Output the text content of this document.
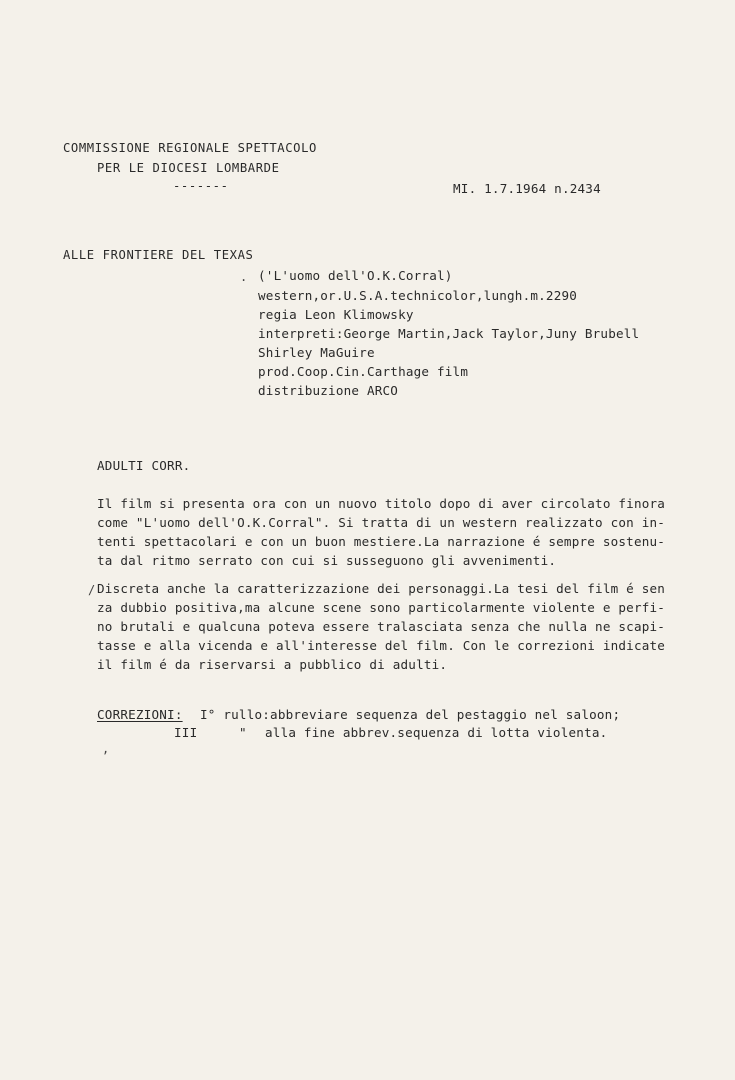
COMMISSIONE REGIONALE SPETTACOLO
PER LE DIOCESI LOMBARDE
-------	MI. 1.7.1964 n.2434
ALLE FRONTIERE DEL TEXAS
. ('L'uomo dell'O.K.Corral)
western,or.U.S.A.technicolor,lungh.m.2290
regia Leon Klimowsky
interpreti:George Martin,Jack Taylor,Juny Brubell
Shirley MaGuire
prod.Coop.Cin.Carthage film
distribuzione ARCO
ADULTI CORR.
Il film si presenta ora con un nuovo titolo dopo di aver circolato finora
come "L'uomo dell'O.K.Corral". Si tratta di un western realizzato con in-
tenti spettacolari e con un buon mestiere.La narrazione é sempre sostenu-
ta dal ritmo serrato con cui si susseguono gli avvenimenti.
/ Discreta anche la caratterizzazione dei personaggi.La tesi del film é sen
za dubbio positiva,ma alcune scene sono particolarmente violente e perfi-
no brutali e qualcuna poteva essere tralasciata senza che nulla ne scapi-
tasse e alla vicenda e all'interesse del film. Con le correzioni indicate
il film é da riservarsi a pubblico di adulti.
CORREZIONI: I° rullo:abbreviare sequenza del pestaggio nel saloon;
III	" alla fine abbrev.sequenza di lotta violenta.
,
